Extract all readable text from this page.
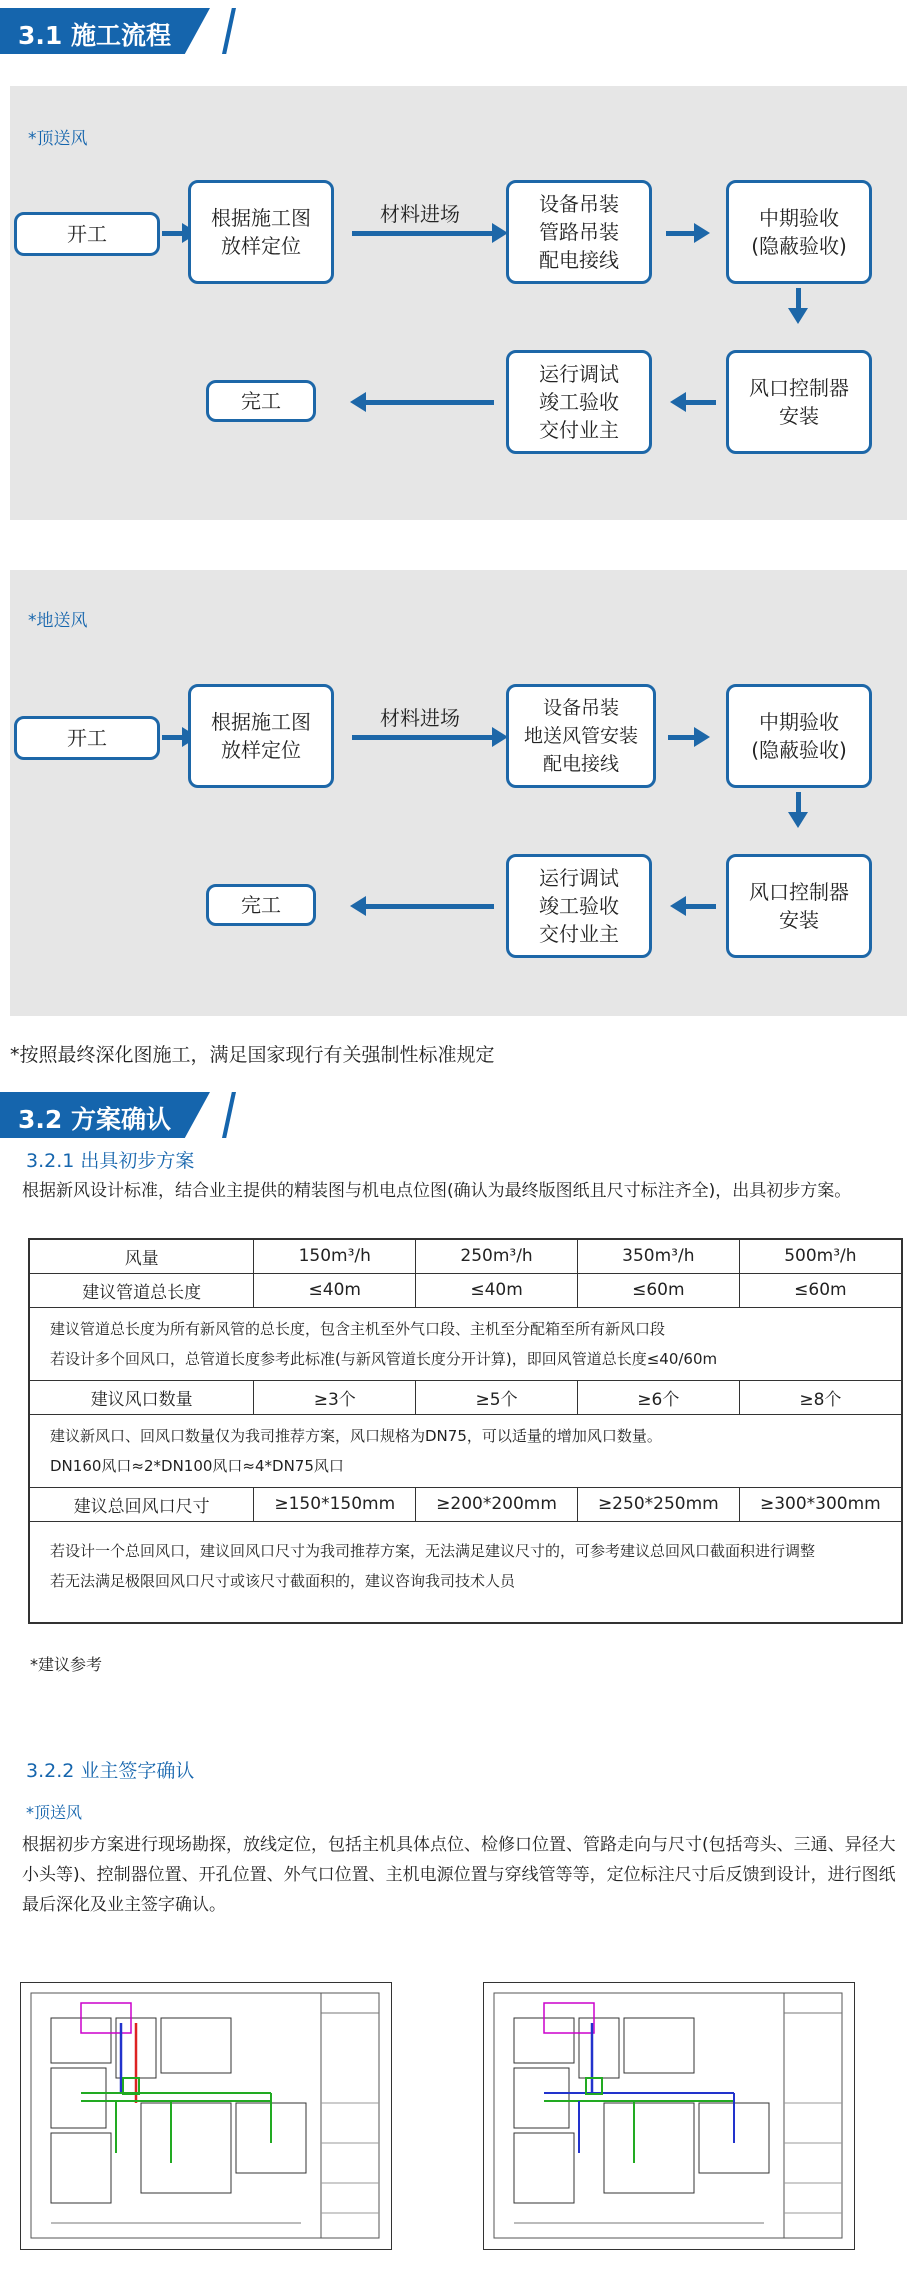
3.1 施工流程
*顶送风
开工
根据施工图
放样定位
材料进场	设备吊装
管路吊装
配电接线
中期验收
(隐蔽验收)
风口控制器
安装
运行调试
竣工验收
交付业主
完工
*地送风
开工
根据施工图
放样定位
材料进场	设备吊装
地送风管安装
配电接线
中期验收
(隐蔽验收)
风口控制器
安装
运行调试
竣工验收
交付业主
完工
*按照最终深化图施工，满足国家现行有关强制性标准规定
3.2 方案确认
3.2.1 出具初步方案
根据新风设计标准，结合业主提供的精装图与机电点位图(确认为最终版图纸且尺寸标注齐全)，出具初步方案。
风量	150m³/h	250m³/h	350m³/h	500m³/h
建议管道总长度	≤40m	≤40m	≤60m	≤60m

建议管道总长度为所有新风管的总长度，包含主机至外气口段、主机至分配箱至所有新风口段
若设计多个回风口，总管道长度参考此标准(与新风管道长度分开计算)，即回风管道总长度≤40/60m				

建议风口数量	≥3个	≥5个	≥6个	≥8个

建议新风口、回风口数量仅为我司推荐方案，风口规格为DN75，可以适量的增加风口数量。
DN160风口≈2*DN100风口≈4*DN75风口				

建议总回风口尺寸	≥150*150mm	≥200*200mm	≥250*250mm	≥300*300mm

若设计一个总回风口，建议回风口尺寸为我司推荐方案，无法满足建议尺寸的，可参考建议总回风口截面积进行调整
若无法满足极限回风口尺寸或该尺寸截面积的，建议咨询我司技术人员				
*建议参考
3.2.2 业主签字确认
*顶送风
根据初步方案进行现场勘探，放线定位，包括主机具体点位、检修口位置、管路走向与尺寸(包括弯头、三通、异径大小头等)、控制器位置、开孔位置、外气口位置、主机电源位置与穿线管等等，定位标注尺寸后反馈到设计，进行图纸最后深化及业主签字确认。
